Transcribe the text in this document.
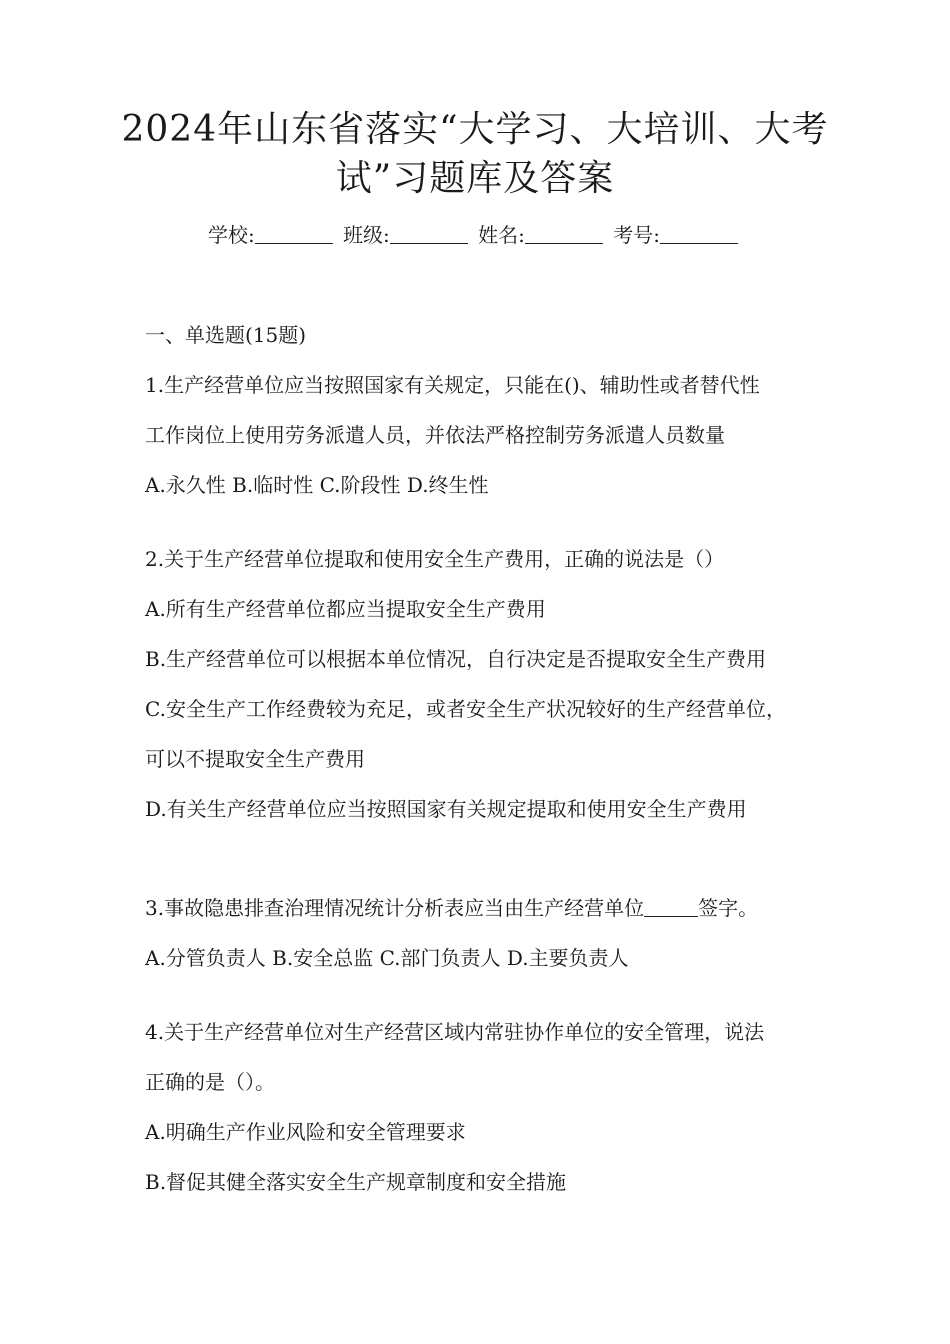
2024年山东省落实“大学习、大培训、大考
试”习题库及答案
学校:	班级:	姓名:	考号:
一、单选题(15题)
1.生产经营单位应当按照国家有关规定，只能在()、辅助性或者替代性
工作岗位上使用劳务派遣人员，并依法严格控制劳务派遣人员数量
A.永久性 B.临时性 C.阶段性 D.终生性
2.关于生产经营单位提取和使用安全生产费用，正确的说法是（）
A.所有生产经营单位都应当提取安全生产费用
B.生产经营单位可以根据本单位情况，自行决定是否提取安全生产费用
C.安全生产工作经费较为充足，或者安全生产状况较好的生产经营单位，
可以不提取安全生产费用
D.有关生产经营单位应当按照国家有关规定提取和使用安全生产费用
3.事故隐患排查治理情况统计分析表应当由生产经营单位	签字。
A.分管负责人 B.安全总监 C.部门负责人 D.主要负责人
4.关于生产经营单位对生产经营区域内常驻协作单位的安全管理，说法
正确的是（）。
A.明确生产作业风险和安全管理要求
B.督促其健全落实安全生产规章制度和安全措施
